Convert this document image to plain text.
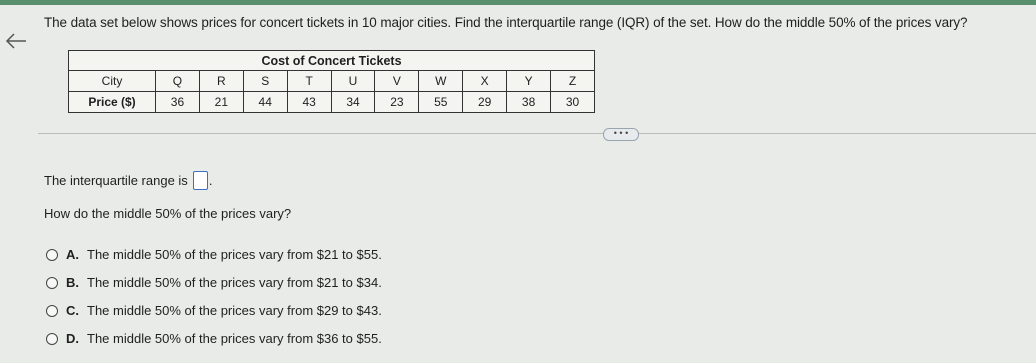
The data set below shows prices for concert tickets in 10 major cities. Find the interquartile range (IQR) of the set. How do the middle 50% of the prices vary?
Cost of Concert Tickets										
City	Q	R	S	T	U	V	W	X	Y	Z
Price ($)	36	21	44	43	34	23	55	29	38	30
• • •
The interquartile range is .
How do the middle 50% of the prices vary?
A. The middle 50% of the prices vary from $21 to $55.
B. The middle 50% of the prices vary from $21 to $34.
C. The middle 50% of the prices vary from $29 to $43.
D. The middle 50% of the prices vary from $36 to $55.
